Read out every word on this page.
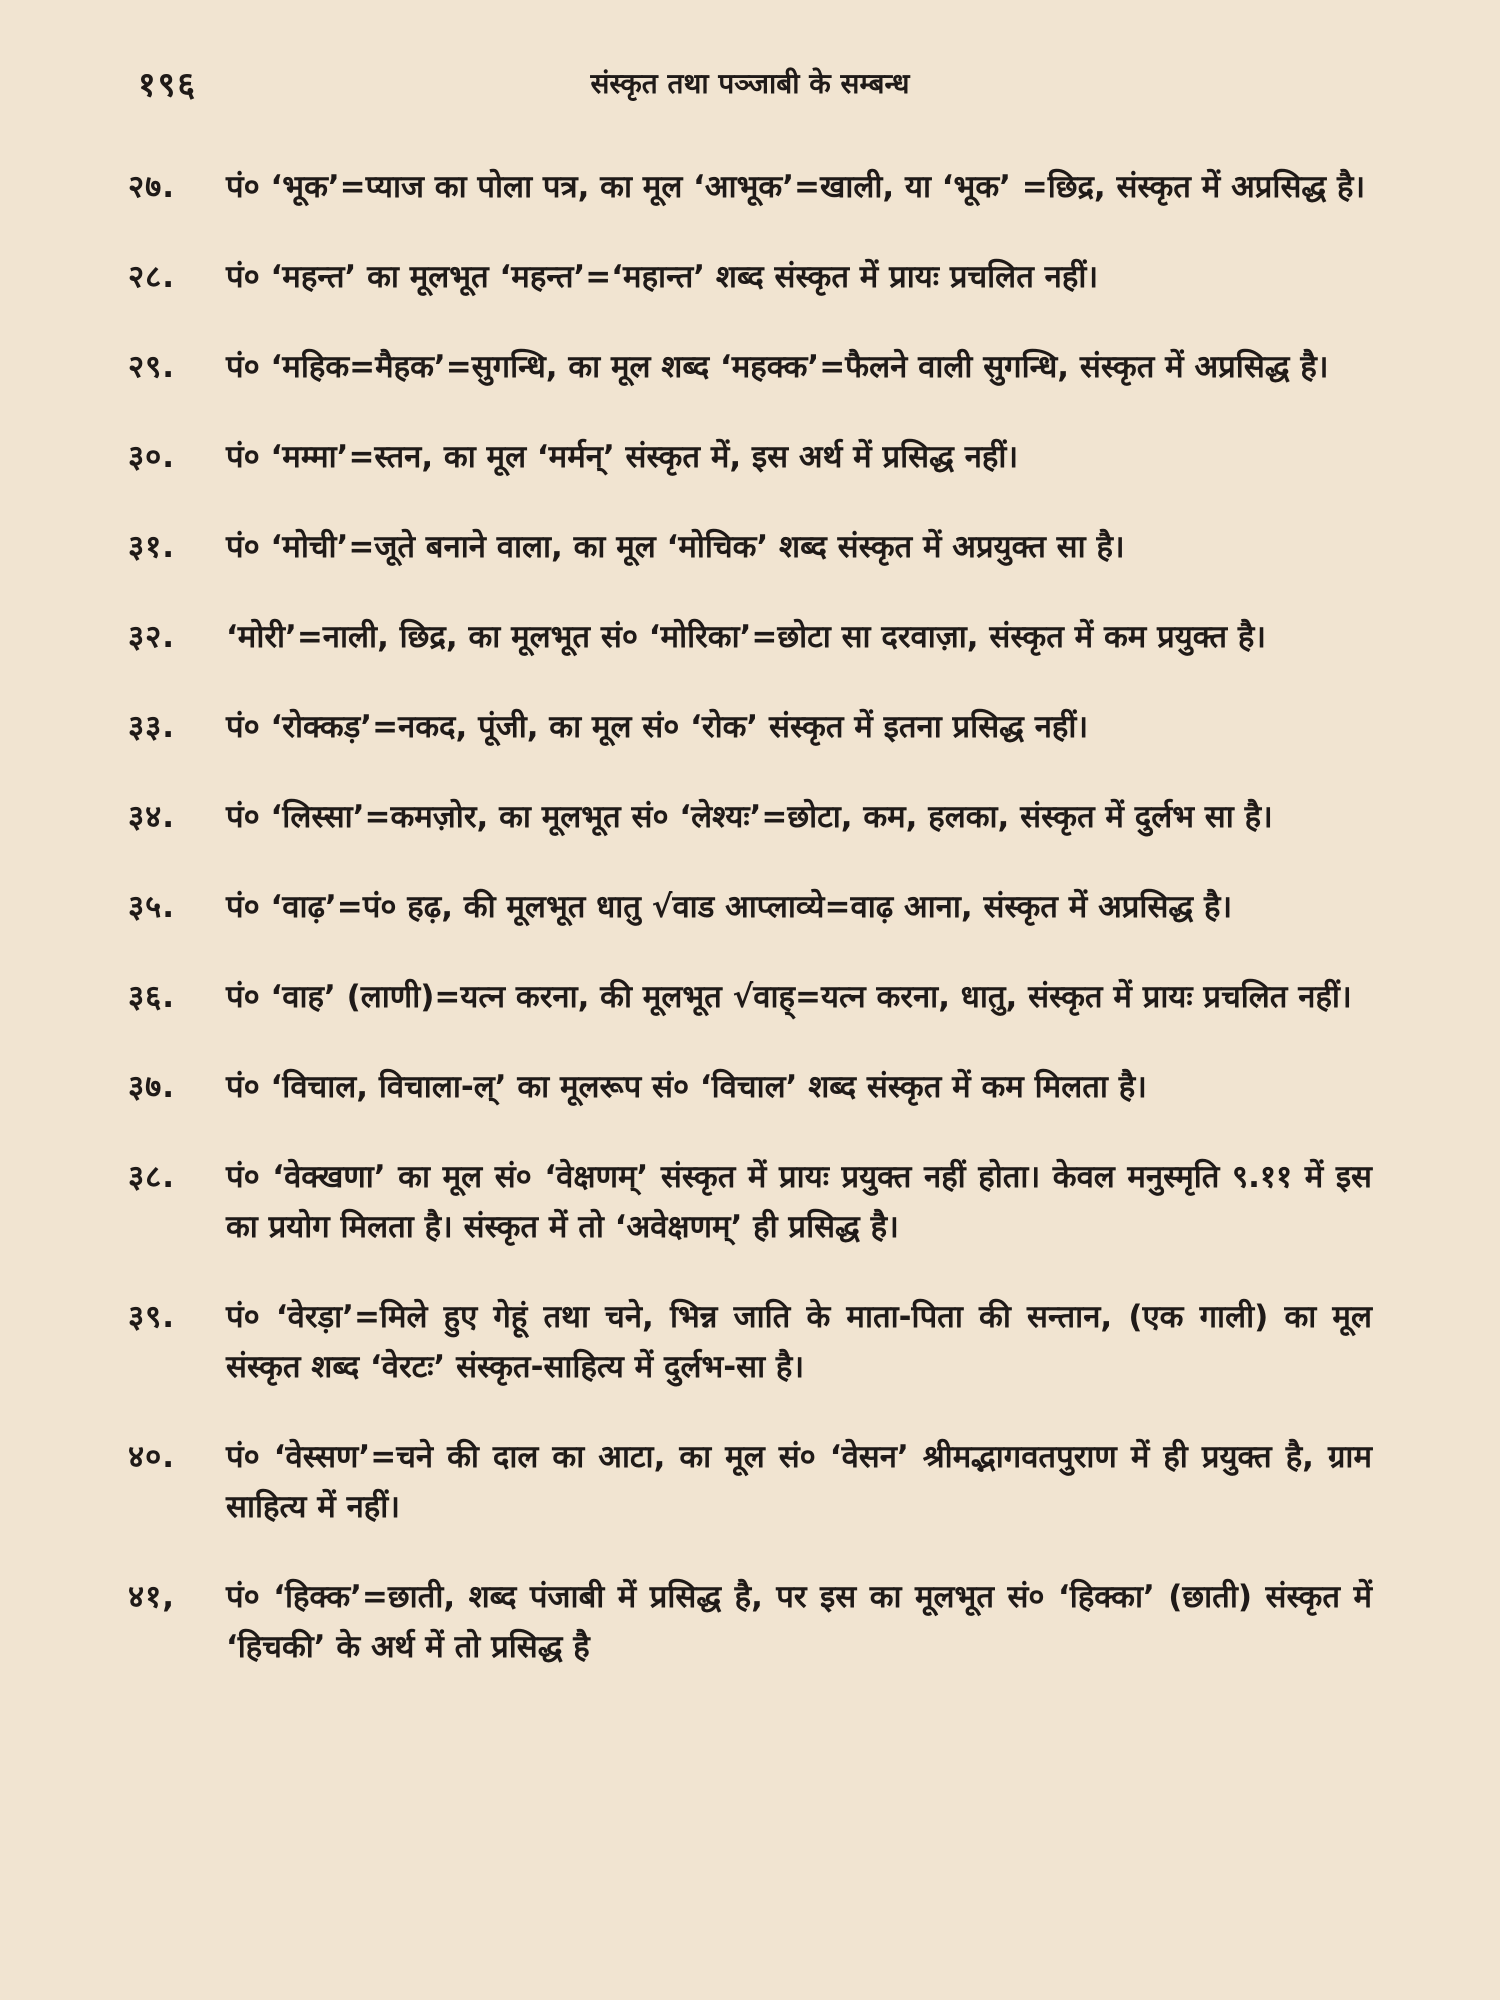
१९६	संस्कृत तथा पञ्जाबी के सम्बन्ध
२७.	पं० ‘भूक’=प्याज का पोला पत्र, का मूल ‘आभूक’=खाली, या ‘भूक’ =छिद्र, संस्कृत में अप्रसिद्ध है।
२८.	पं० ‘महन्त’ का मूलभूत ‘महन्त’=‘महान्त’ शब्द संस्कृत में प्रायः प्रचलित नहीं।
२९.	पं० ‘महिक=मैहक’=सुगन्धि, का मूल शब्द ‘महक्क’=फैलने वाली सुगन्धि, संस्कृत में अप्रसिद्ध है।
३०.	पं० ‘मम्मा’=स्तन, का मूल ‘मर्मन्’ संस्कृत में, इस अर्थ में प्रसिद्ध नहीं।
३१.	पं० ‘मोची’=जूते बनाने वाला, का मूल ‘मोचिक’ शब्द संस्कृत में अप्रयुक्त सा है।
३२.	‘मोरी’=नाली, छिद्र, का मूलभूत सं० ‘मोरिका’=छोटा सा दरवाज़ा, संस्कृत में कम प्रयुक्त है।
३३.	पं० ‘रोक्कड़’=नकद, पूंजी, का मूल सं० ‘रोक’ संस्कृत में इतना प्रसिद्ध नहीं।
३४.	पं० ‘लिस्सा’=कमज़ोर, का मूलभूत सं० ‘लेश्यः’=छोटा, कम, हलका, संस्कृत में दुर्लभ सा है।
३५.	पं० ‘वाढ़’=पं० हढ़, की मूलभूत धातु √वाड आप्लाव्ये=वाढ़ आना, संस्कृत में अप्रसिद्ध है।
३६.	पं० ‘वाह’ (लाणी)=यत्न करना, की मूलभूत √वाह्=यत्न करना, धातु, संस्कृत में प्रायः प्रचलित नहीं।
३७.	पं० ‘विचाल, विचाला-ल्’ का मूलरूप सं० ‘विचाल’ शब्द संस्कृत में कम मिलता है।
३८.	पं० ‘वेक्खणा’ का मूल सं० ‘वेक्षणम्’ संस्कृत में प्रायः प्रयुक्त नहीं होता। केवल मनुस्मृति ९.११ में इस का प्रयोग मिलता है। संस्कृत में तो ‘अवेक्षणम्’ ही प्रसिद्ध है।
३९.	पं० ‘वेरड़ा’=मिले हुए गेहूं तथा चने, भिन्न जाति के माता-पिता की सन्तान, (एक गाली) का मूल संस्कृत शब्द ‘वेरटः’ संस्कृत-साहित्य में दुर्लभ-सा है।
४०.	पं० ‘वेस्सण’=चने की दाल का आटा, का मूल सं० ‘वेसन’ श्रीमद्भागवतपुराण में ही प्रयुक्त है, ग्राम साहित्य में नहीं।
४१,	पं० ‘हिक्क’=छाती, शब्द पंजाबी में प्रसिद्ध है, पर इस का मूलभूत सं० ‘हिक्का’ (छाती) संस्कृत में ‘हिचकी’ के अर्थ में तो प्रसिद्ध है
